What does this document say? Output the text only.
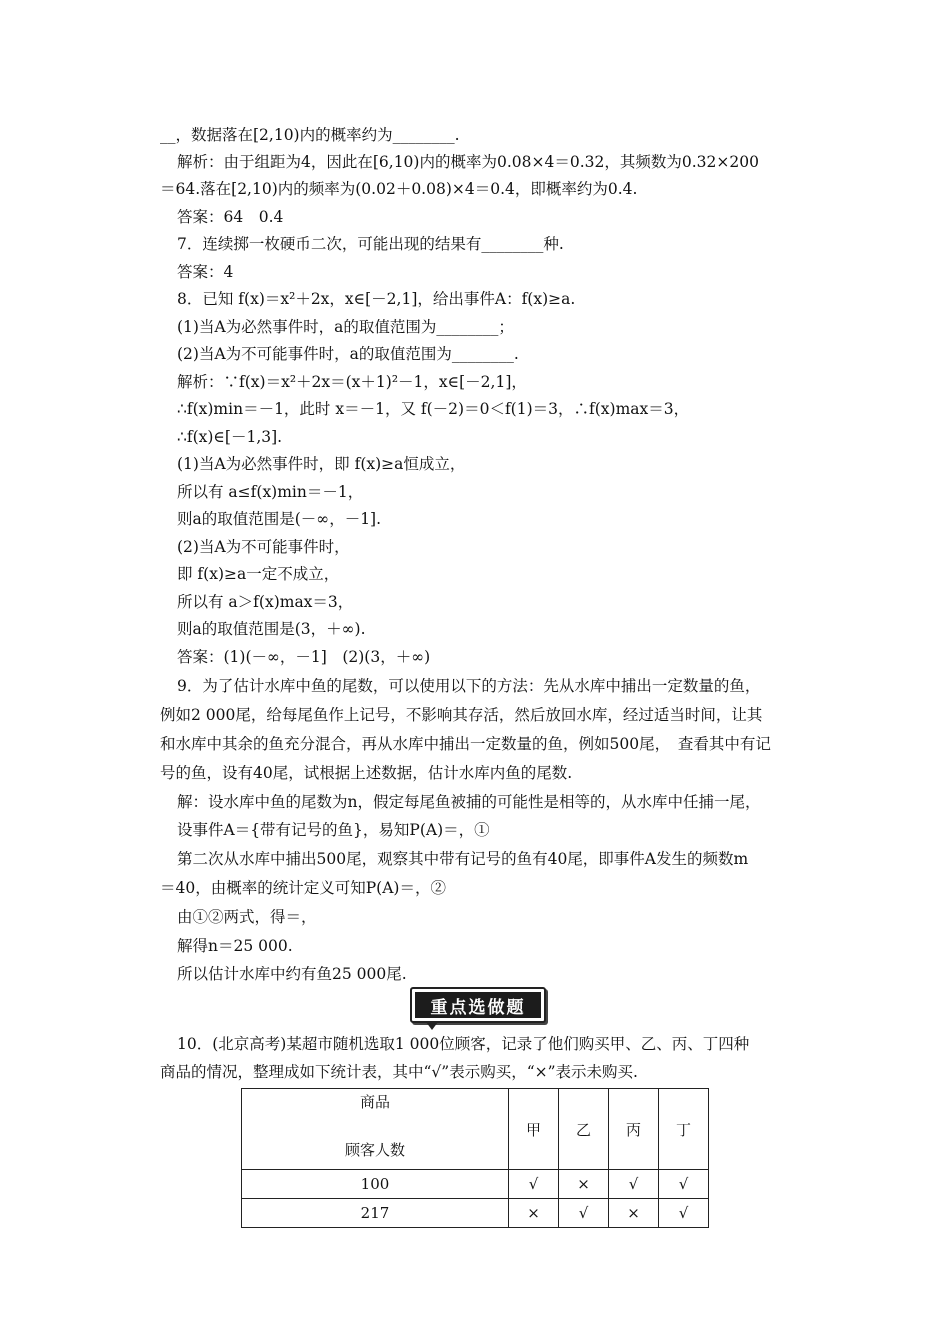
__，数据落在[2,10)内的概率约为________.
解析：由于组距为4，因此在[6,10)内的概率为0.08×4＝0.32，其频数为0.32×200
＝64.落在[2,10)内的频率为(0.02＋0.08)×4＝0.4，即概率约为0.4.
答案：64　0.4
7．连续掷一枚硬币二次，可能出现的结果有________种.
答案：4
8．已知 f(x)＝x²＋2x，x∈[－2,1]，给出事件A：f(x)≥a.
(1)当A为必然事件时，a的取值范围为________；
(2)当A为不可能事件时，a的取值范围为________.
解析：∵f(x)＝x²＋2x＝(x＋1)²－1，x∈[－2,1]，
∴f(x)min＝－1，此时 x＝－1，又 f(－2)＝0＜f(1)＝3，∴f(x)max＝3，
∴f(x)∈[－1,3].
(1)当A为必然事件时，即 f(x)≥a恒成立，
所以有 a≤f(x)min＝－1，
则a的取值范围是(－∞，－1].
(2)当A为不可能事件时，
即 f(x)≥a一定不成立，
所以有 a＞f(x)max＝3，
则a的取值范围是(3，＋∞).
答案：(1)(－∞，－1]　(2)(3，＋∞)
9．为了估计水库中鱼的尾数，可以使用以下的方法：先从水库中捕出一定数量的鱼，
例如2 000尾，给每尾鱼作上记号，不影响其存活，然后放回水库，经过适当时间，让其
和水库中其余的鱼充分混合，再从水库中捕出一定数量的鱼，例如500尾，　查看其中有记
号的鱼，设有40尾，试根据上述数据，估计水库内鱼的尾数.
解：设水库中鱼的尾数为n，假定每尾鱼被捕的可能性是相等的，从水库中任捕一尾，
设事件A＝{带有记号的鱼}，易知P(A)＝，①
第二次从水库中捕出500尾，观察其中带有记号的鱼有40尾，即事件A发生的频数m
＝40，由概率的统计定义可知P(A)＝，②
由①②两式，得＝，
解得n＝25 000.
所以估计水库中约有鱼25 000尾.
重点选做题
10．(北京高考)某超市随机选取1 000位顾客，记录了他们购买甲、乙、丙、丁四种
商品的情况，整理成如下统计表，其中“√”表示购买，“×”表示未购买.
商品
顾客人数	甲	乙	丙	丁
100	√	×	√	√
217	×	√	×	√
